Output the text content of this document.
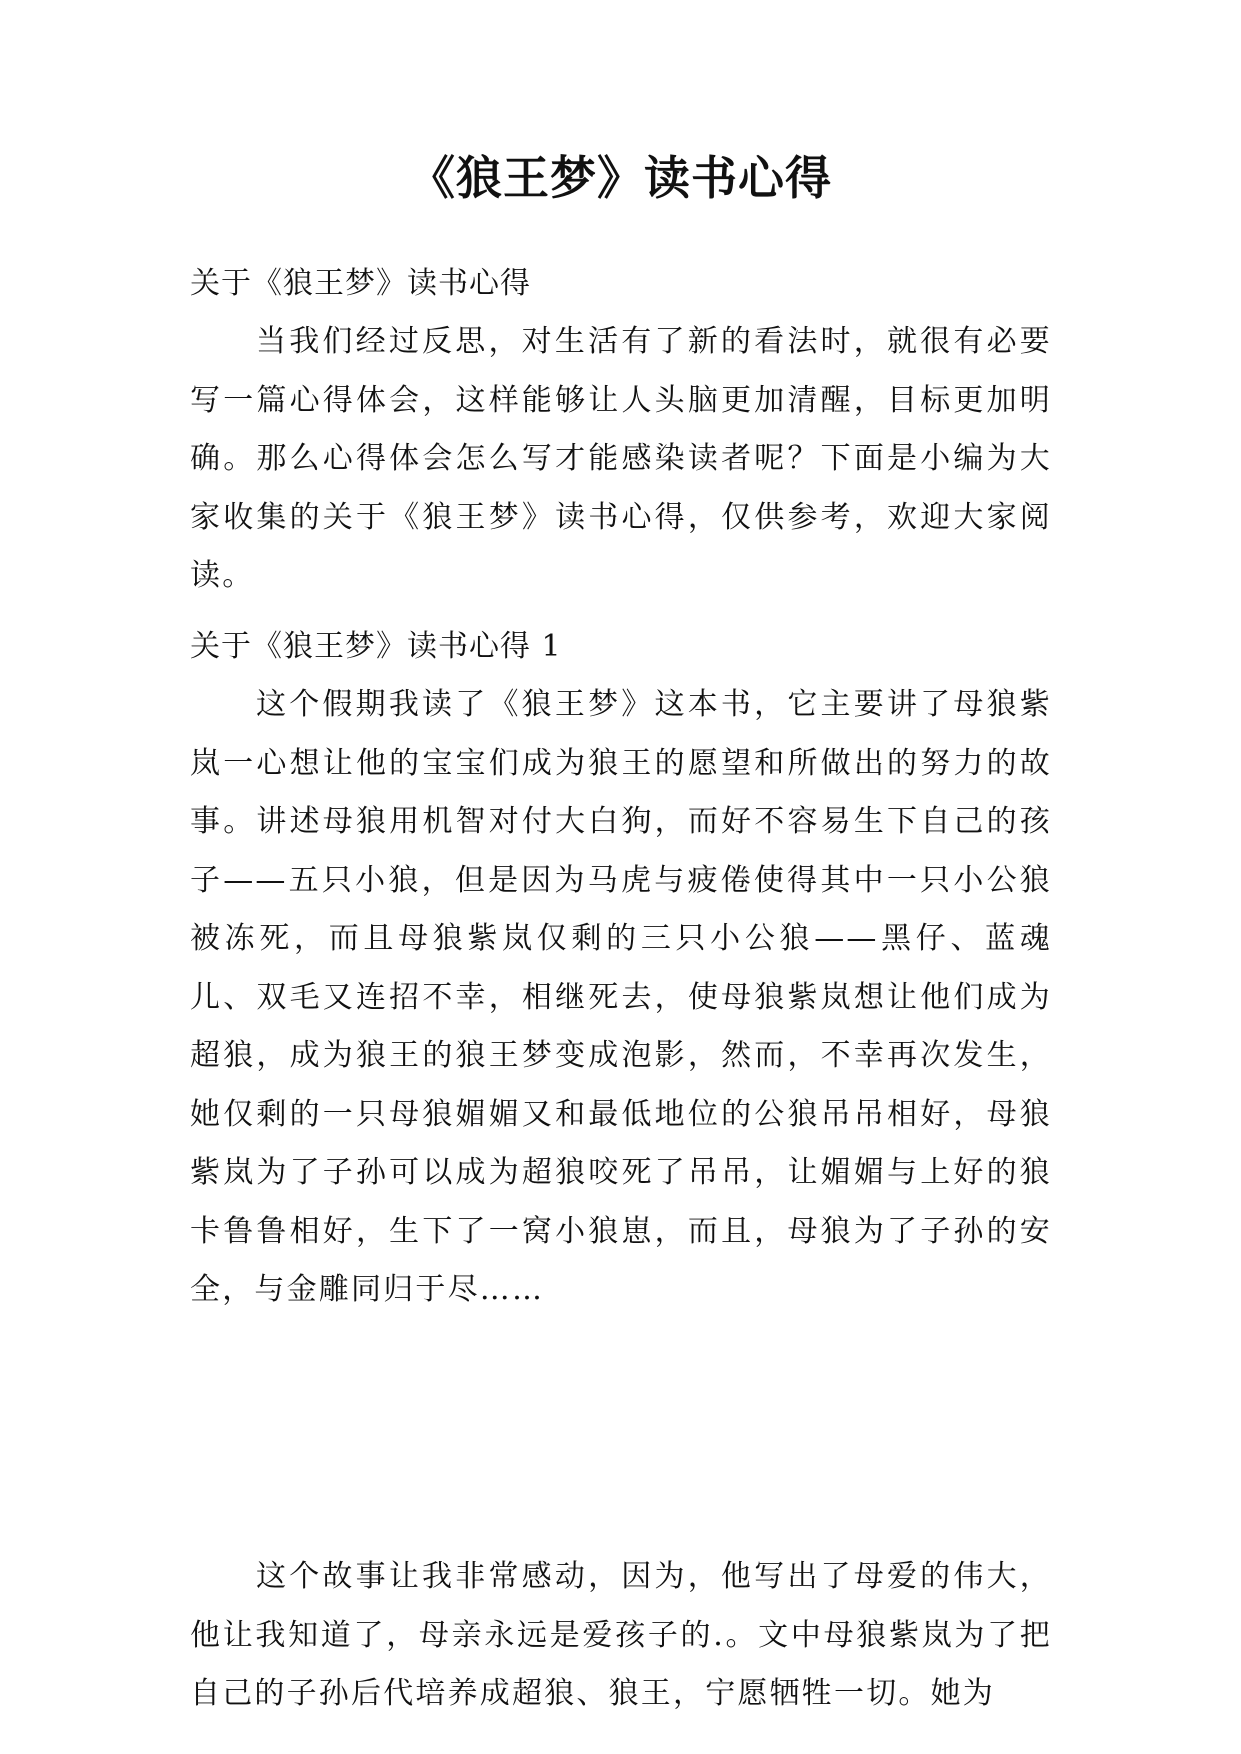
《狼王梦》读书心得

关于《狼王梦》读书心得

当我们经过反思，对生活有了新的看法时，就很有必要写一篇心得体会，这样能够让人头脑更加清醒，目标更加明确。那么心得体会怎么写才能感染读者呢？下面是小编为大家收集的关于《狼王梦》读书心得，仅供参考，欢迎大家阅读。

关于《狼王梦》读书心得 1

这个假期我读了《狼王梦》这本书，它主要讲了母狼紫岚一心想让他的宝宝们成为狼王的愿望和所做出的努力的故事。讲述母狼用机智对付大白狗，而好不容易生下自己的孩子——五只小狼，但是因为马虎与疲倦使得其中一只小公狼被冻死，而且母狼紫岚仅剩的三只小公狼——黑仔、蓝魂儿、双毛又连招不幸，相继死去，使母狼紫岚想让他们成为超狼，成为狼王的狼王梦变成泡影，然而，不幸再次发生，她仅剩的一只母狼媚媚又和最低地位的公狼吊吊相好，母狼紫岚为了子孙可以成为超狼咬死了吊吊，让媚媚与上好的狼卡鲁鲁相好，生下了一窝小狼崽，而且，母狼为了子孙的安全，与金雕同归于尽……

这个故事让我非常感动，因为，他写出了母爱的伟大，他让我知道了，母亲永远是爱孩子的.。文中母狼紫岚为了把自己的子孙后代培养成超狼、狼王，宁愿牺牲一切。她为
